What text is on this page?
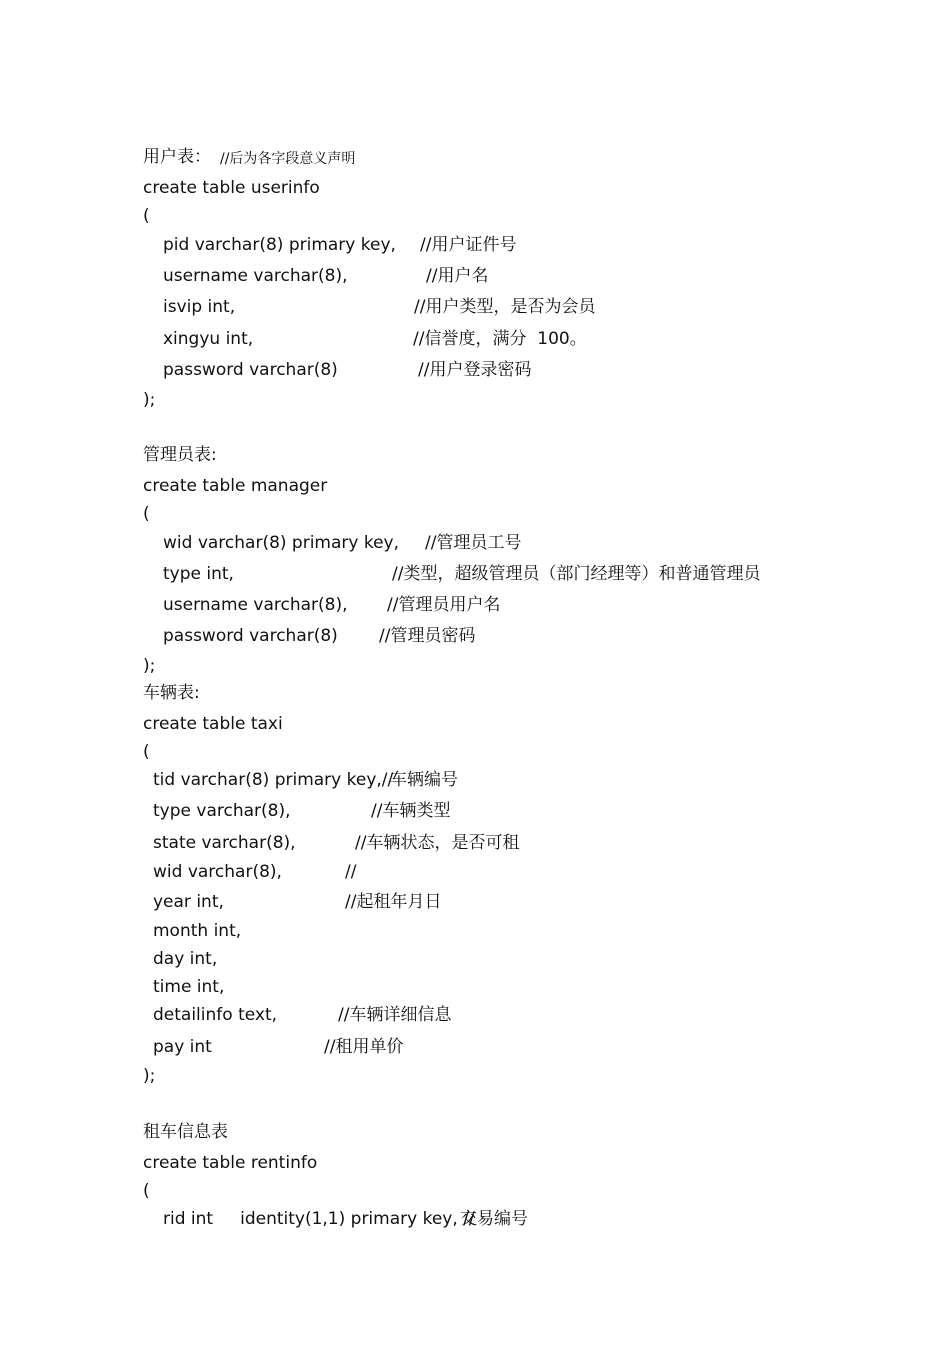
用户表： //后为各字段意义声明
create table userinfo
(
pid varchar(8) primary key, //用户证件号
username varchar(8),	//用户名
isvip int,	//用户类型，是否为会员
xingyu int,	//信誉度，满分  100。
password varchar(8)	//用户登录密码
);
管理员表:
create table manager
(
wid varchar(8) primary key, //管理员工号
type int,	//类型，超级管理员（部门经理等）和普通管理员
username varchar(8), //管理员用户名
password varchar(8) //管理员密码
);
车辆表:
create table taxi
(
tid varchar(8) primary key,//
车辆编号
type varchar(8),	//车辆类型
state varchar(8),	//车辆状态，是否可租
wid varchar(8),	//
year int,	//起租年月日
month int,
day int,
time int,
detailinfo text,	//车辆详细信息
pay int	//租用单价
);
租车信息表
create table rentinfo
(
rid int     identity(1,1) primary key, //
交易编号
